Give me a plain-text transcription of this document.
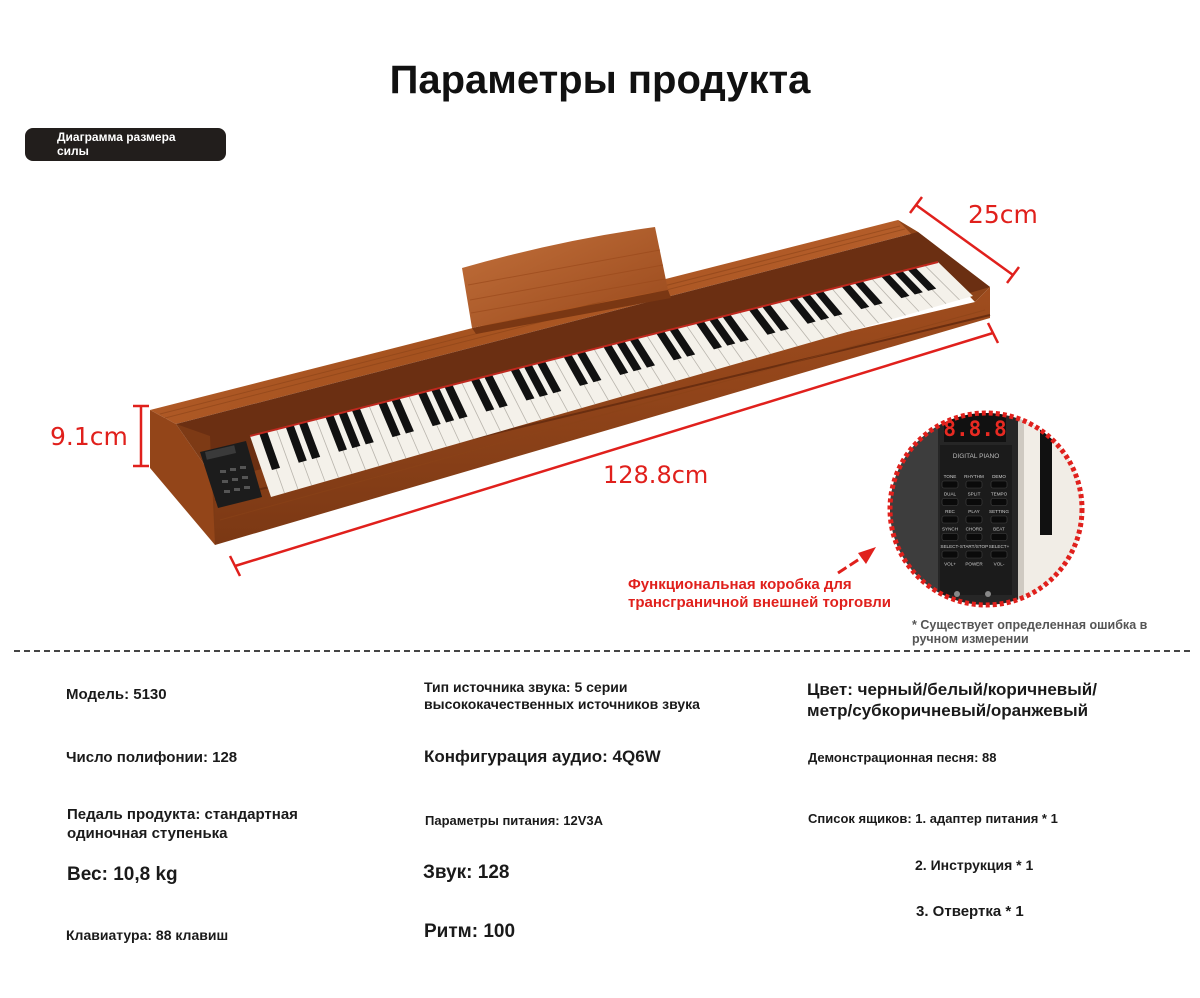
Параметры продукта
Диаграмма размера
силы
8.8.8
DIGITAL PIANO
TONE RHYTHM DEMO
DUAL SPLIT TEMPO
REC	PLAY SETTING
SYNCH CHORD BEAT
SELECT- START/STOP SELECT+
VOL+ POWER VOL-
25cm
9.1cm
128.8cm
Функциональная коробка для
трансграничной внешней торговли
* Существует определенная ошибка в
ручном измерении
Модель: 5130
Число полифонии: 128
Педаль продукта: стандартная
одиночная ступенька
Вес: 10,8 kg
Клавиатура: 88 клавиш
Тип источника звука: 5 серии
высококачественных источников звука
Конфигурация аудио: 4Q6W
Параметры питания: 12V3A
Звук: 128
Ритм: 100
Цвет: черный/белый/коричневый/
метр/субкоричневый/оранжевый
Демонстрационная песня: 88
Список ящиков: 1. адаптер питания * 1
2. Инструкция * 1
3. Отвертка * 1
